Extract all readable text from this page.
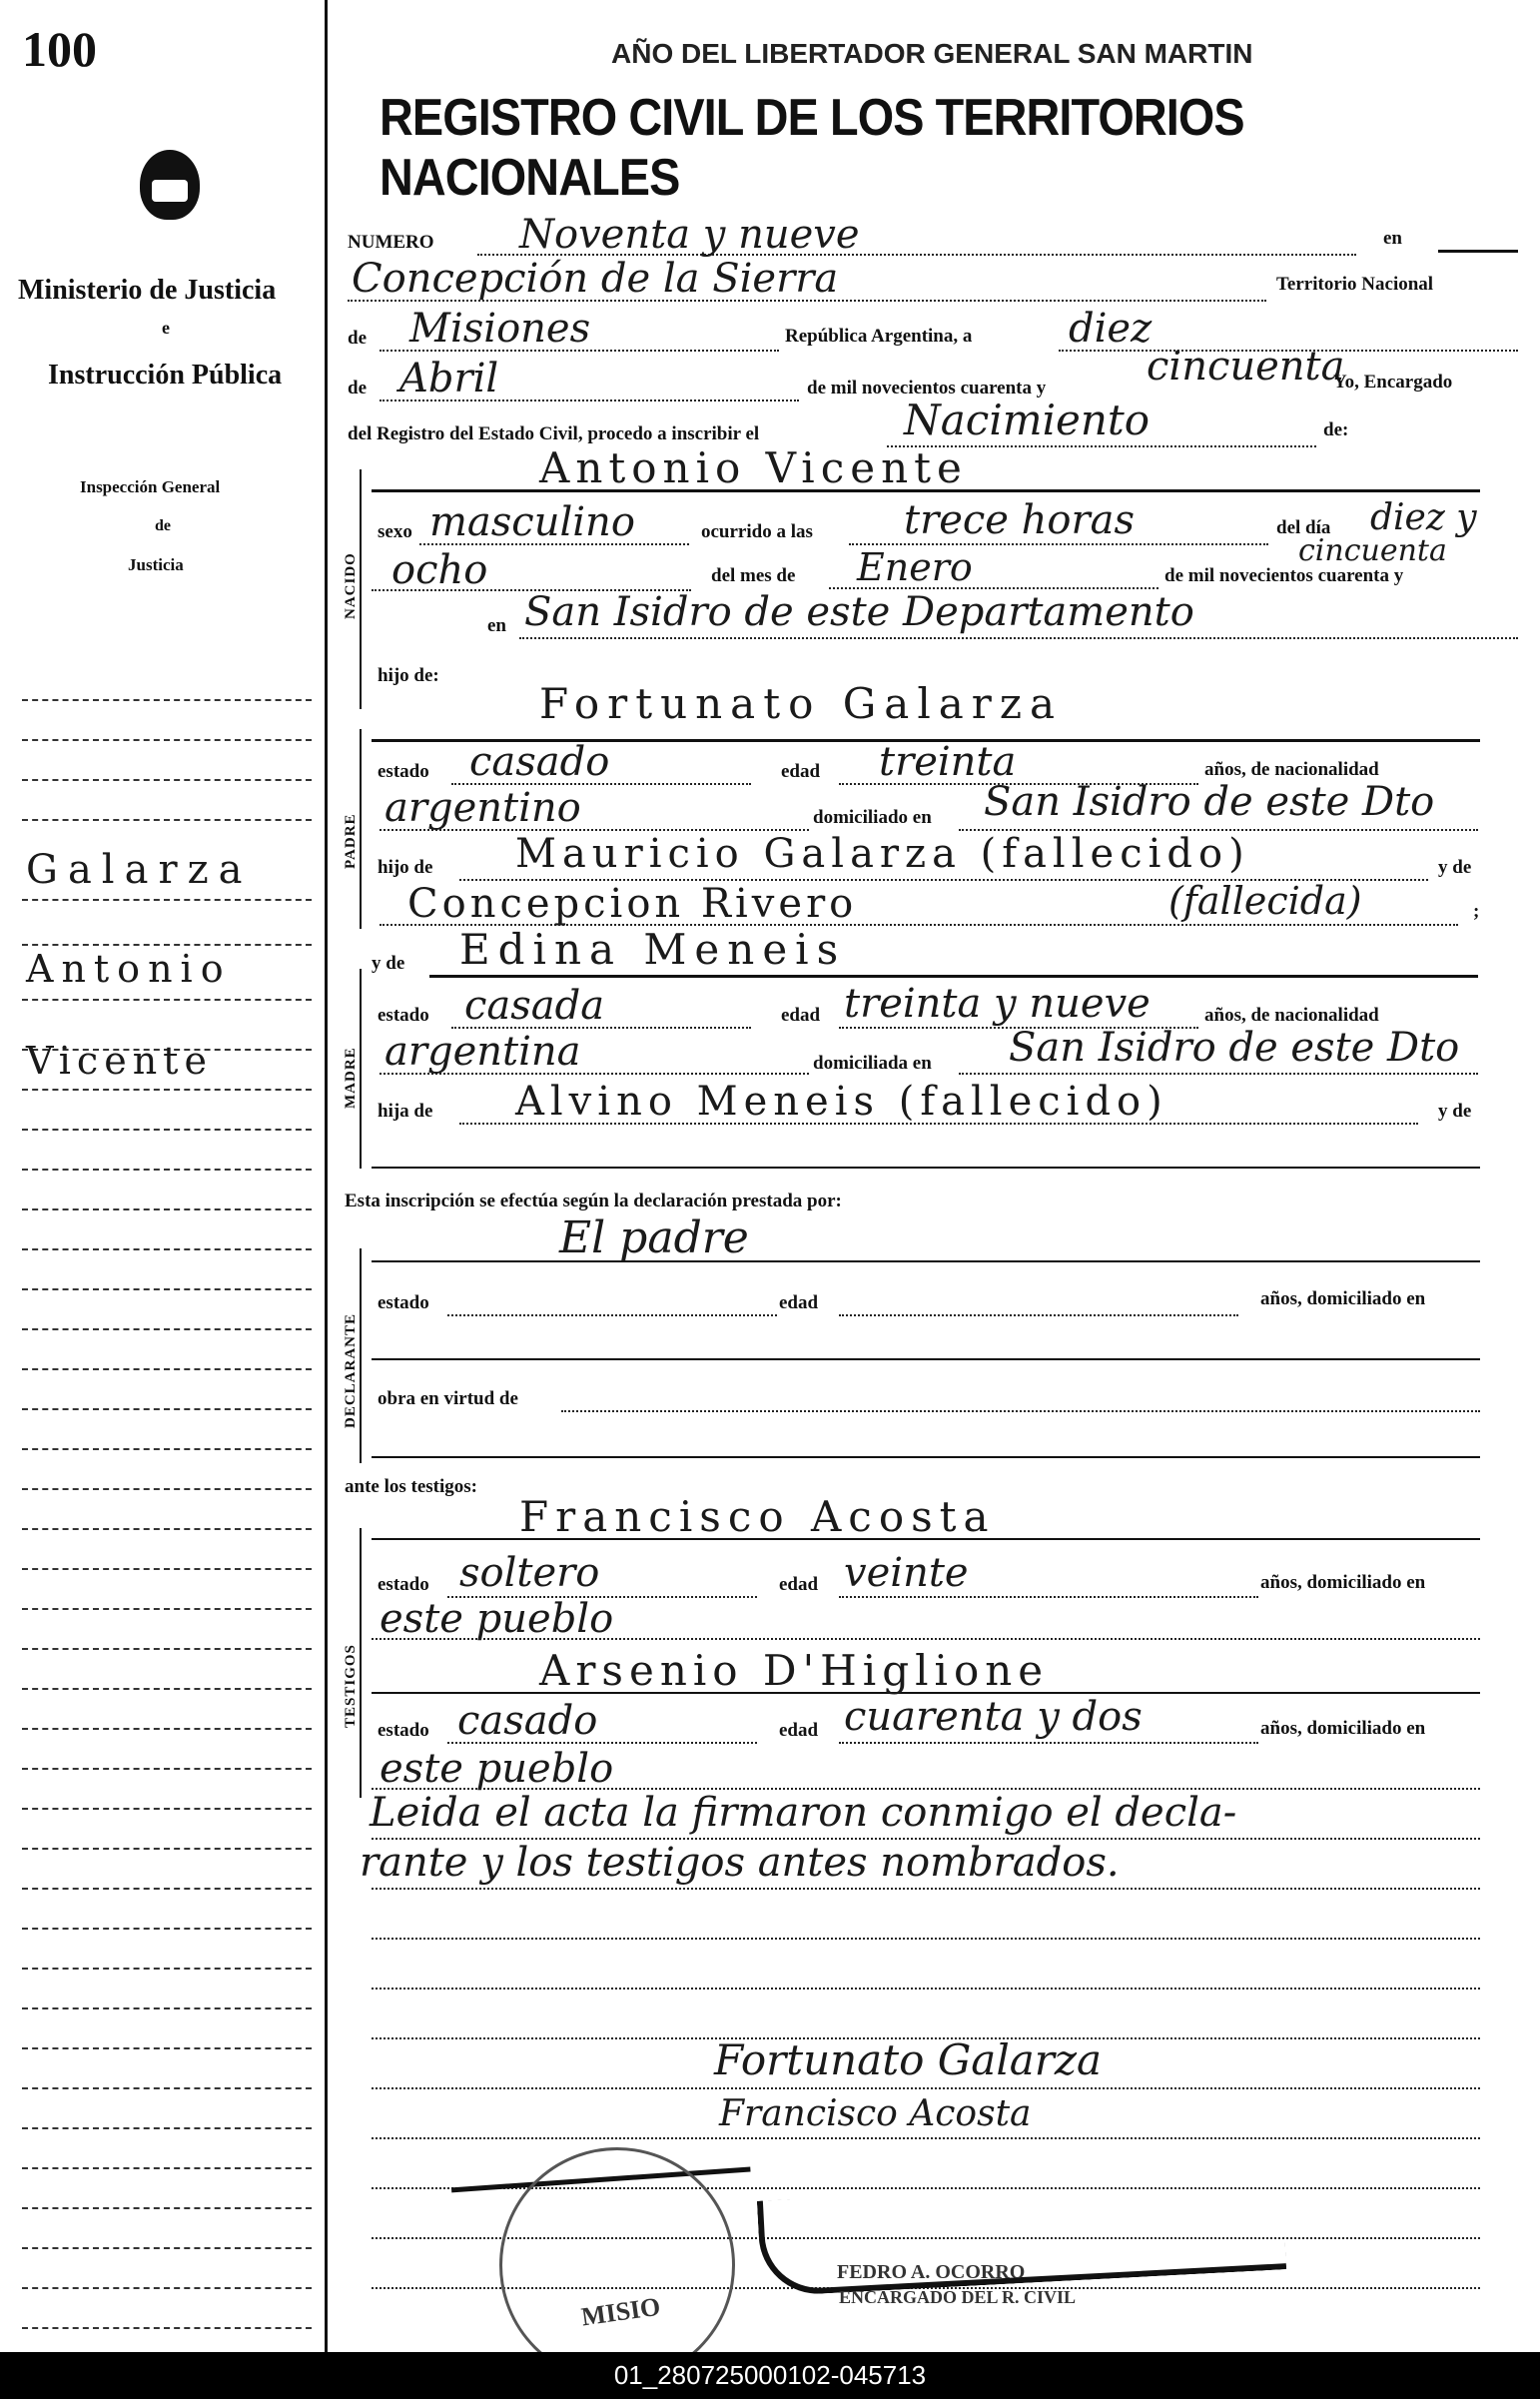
100	AÑO DEL LIBERTADOR GENERAL SAN MARTIN
REGISTRO CIVIL DE LOS TERRITORIOS NACIONALES
Ministerio de Justicia
e
Instrucción Pública
Inspección General
de
Justicia
Galarza
Antonio
Vicente
NUMERO Noventa y nueve	en
Concepción de la Sierra	Territorio Nacional
de Misiones	República Argentina, a diez
de Abril	de mil novecientos cuarenta y	cincuenta
Yo, Encargado
del Registro del Estado Civil, procedo a inscribir el	Nacimiento	de:
NACIDO
Antonio Vicente
sexo masculino	ocurrido a las trece horas	del día diez y
ocho	del mes de Enero	de mil novecientos cuarenta y
cincuenta
en San Isidro de este Departamento
hijo de:
PADRE
Fortunato Galarza
estado casado	edad treinta	años, de nacionalidad
argentino	domiciliado en San Isidro de este Dto
hijo de Mauricio Galarza (fallecido)	y de
Concepcion Rivero	(fallecida)	;
y de
MADRE
Edina Meneis
estado casada	edad treinta y nueve	años, de nacionalidad
argentina	domiciliada en San Isidro de este Dto
hija de Alvino Meneis (fallecido)	y de
Esta inscripción se efectúa según la declaración prestada por:
El padre
DECLARANTE
estado	edad	años, domiciliado en
obra en virtud de
ante los testigos:
Francisco Acosta
TESTIGOS
estado soltero	edad veinte	años, domiciliado en
este pueblo
Arsenio D'Higlione
estado casado	edad cuarenta y dos	años, domiciliado en
este pueblo
Leida el acta la firmaron conmigo el decla-
rante y los testigos antes nombrados.
Fortunato Galarza
Francisco Acosta
FEDRO A. OCORRO
ENCARGADO DEL R. CIVIL
MISIO
01_280725000102-045713
